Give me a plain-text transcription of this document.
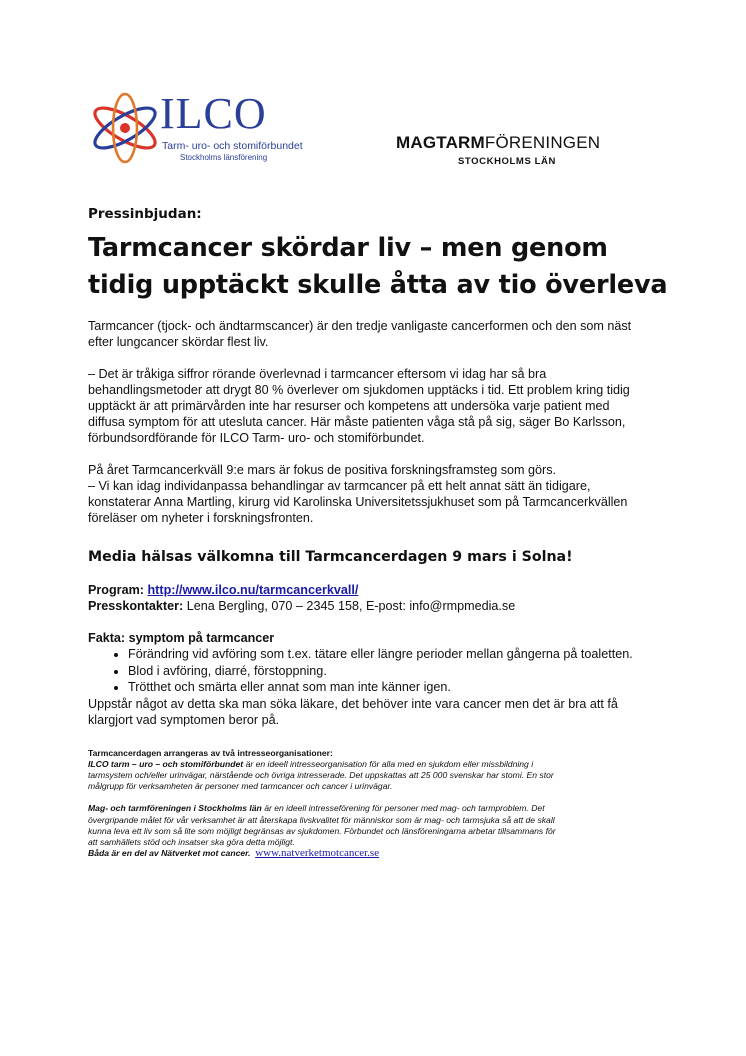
ILCO
Tarm- uro- och stomiförbundet
Stockholms länsförening
MAGTARMFÖRENINGEN
STOCKHOLMS LÄN
Pressinbjudan:
Tarmcancer skördar liv – men genom
tidig upptäckt skulle åtta av tio överleva

Tarmcancer (tjock- och ändtarmscancer) är den tredje vanligaste cancerformen och den som näst

efter lungcancer skördar flest liv.

– Det är tråkiga siffror rörande överlevnad i tarmcancer eftersom vi idag har så bra

behandlingsmetoder att drygt 80 % överlever om sjukdomen upptäcks i tid. Ett problem kring tidig

upptäckt är att primärvården inte har resurser och kompetens att undersöka varje patient med

diffusa symptom för att utesluta cancer. Här måste patienten våga stå på sig, säger Bo Karlsson,

förbundsordförande för ILCO Tarm- uro- och stomiförbundet.

På året Tarmcancerkväll 9:e mars är fokus de positiva forskningsframsteg som görs.

– Vi kan idag individanpassa behandlingar av tarmcancer på ett helt annat sätt än tidigare,

konstaterar Anna Martling, kirurg vid Karolinska Universitetssjukhuset som på Tarmcancerkvällen

föreläser om nyheter i forskningsfronten.

Media hälsas välkomna till Tarmcancerdagen 9 mars i Solna!

Program: http://www.ilco.nu/tarmcancerkvall/

Presskontakter: Lena Bergling, 070 – 2345 158, E-post: info@rmpmedia.se

Fakta: symptom på tarmcancer

• Förändring vid avföring som t.ex. tätare eller längre perioder mellan gångerna på toaletten.
• Blod i avföring, diarré, förstoppning.
• Trötthet och smärta eller annat som man inte känner igen.

Uppstår något av detta ska man söka läkare, det behöver inte vara cancer men det är bra att få

klargjort vad symptomen beror på.

Tarmcancerdagen arrangeras av två intresseorganisationer:
ILCO tarm – uro – och stomiförbundet är en ideell intresseorganisation för alla med en sjukdom eller missbildning i
tarmsystem och/eller urinvägar, närstående och övriga intresserade. Det uppskattas att 25 000 svenskar har stomi. En stor
målgrupp för verksamheten är personer med tarmcancer och cancer i urinvägar.
Mag- och tarmföreningen i Stockholms län är en ideell intresseförening för personer med mag- och tarmproblem. Det
övergripande målet för vår verksamhet är att återskapa livskvalitet för människor som är mag- och tarmsjuka så att de skall
kunna leva ett liv som så lite som möjligt begränsas av sjukdomen. Förbundet och länsföreningarna arbetar tillsammans för
att samhällets stöd och insatser ska göra detta möjligt.
Båda är en del av Nätverket mot cancer. www.natverketmotcancer.se
